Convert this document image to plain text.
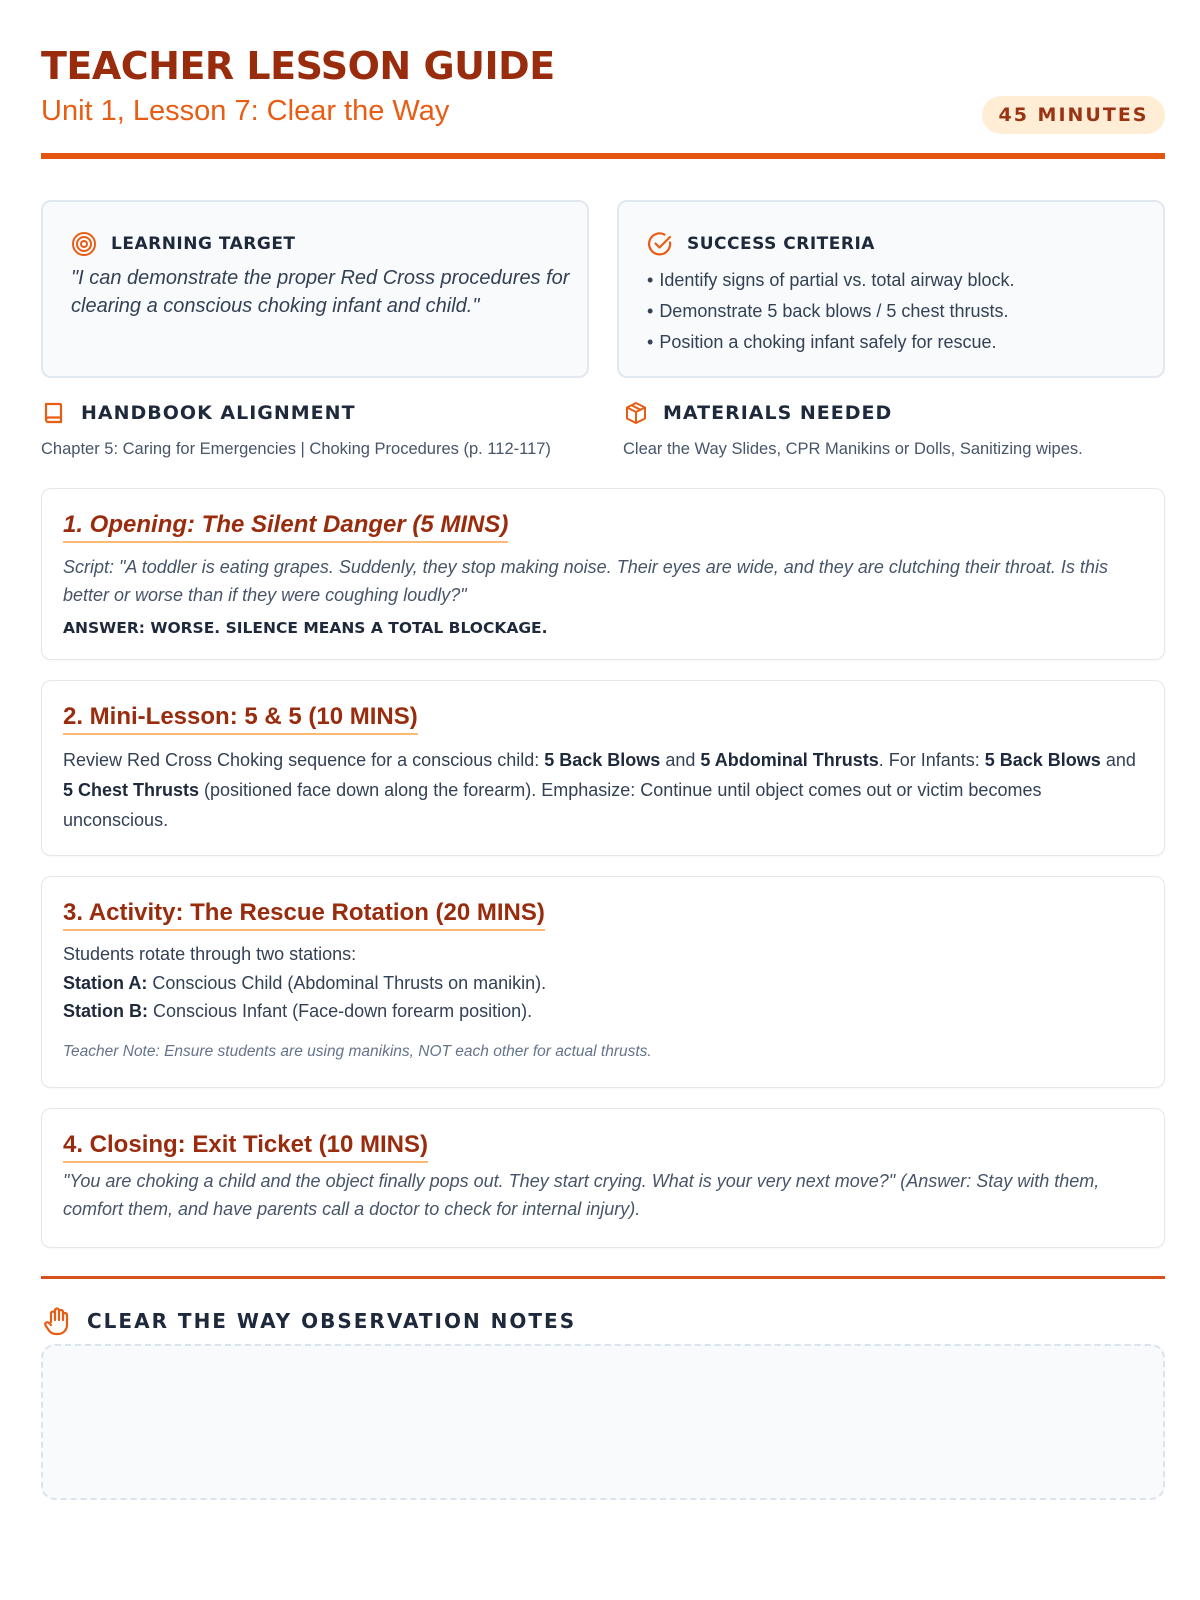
TEACHER LESSON GUIDE
Unit 1, Lesson 7: Clear the Way	45 MINUTES
LEARNING TARGET
"I can demonstrate the proper Red Cross procedures for clearing a conscious choking infant and child."
SUCCESS CRITERIA
• Identify signs of partial vs. total airway block.
• Demonstrate 5 back blows / 5 chest thrusts.
• Position a choking infant safely for rescue.
HANDBOOK ALIGNMENT
Chapter 5: Caring for Emergencies | Choking Procedures (p. 112-117)
MATERIALS NEEDED
Clear the Way Slides, CPR Manikins or Dolls, Sanitizing wipes.
1. Opening: The Silent Danger (5 MINS)
Script: "A toddler is eating grapes. Suddenly, they stop making noise. Their eyes are wide, and they are clutching their throat. Is this better or worse than if they were coughing loudly?"
ANSWER: WORSE. SILENCE MEANS A TOTAL BLOCKAGE.
2. Mini-Lesson: 5 & 5 (10 MINS)
Review Red Cross Choking sequence for a conscious child: 5 Back Blows and 5 Abdominal Thrusts. For Infants: 5 Back Blows and 5 Chest Thrusts (positioned face down along the forearm). Emphasize: Continue until object comes out or victim becomes unconscious.
3. Activity: The Rescue Rotation (20 MINS)
Students rotate through two stations:
Station A: Conscious Child (Abdominal Thrusts on manikin).
Station B: Conscious Infant (Face-down forearm position).
Teacher Note: Ensure students are using manikins, NOT each other for actual thrusts.
4. Closing: Exit Ticket (10 MINS)
"You are choking a child and the object finally pops out. They start crying. What is your very next move?" (Answer: Stay with them, comfort them, and have parents call a doctor to check for internal injury).
CLEAR THE WAY OBSERVATION NOTES
